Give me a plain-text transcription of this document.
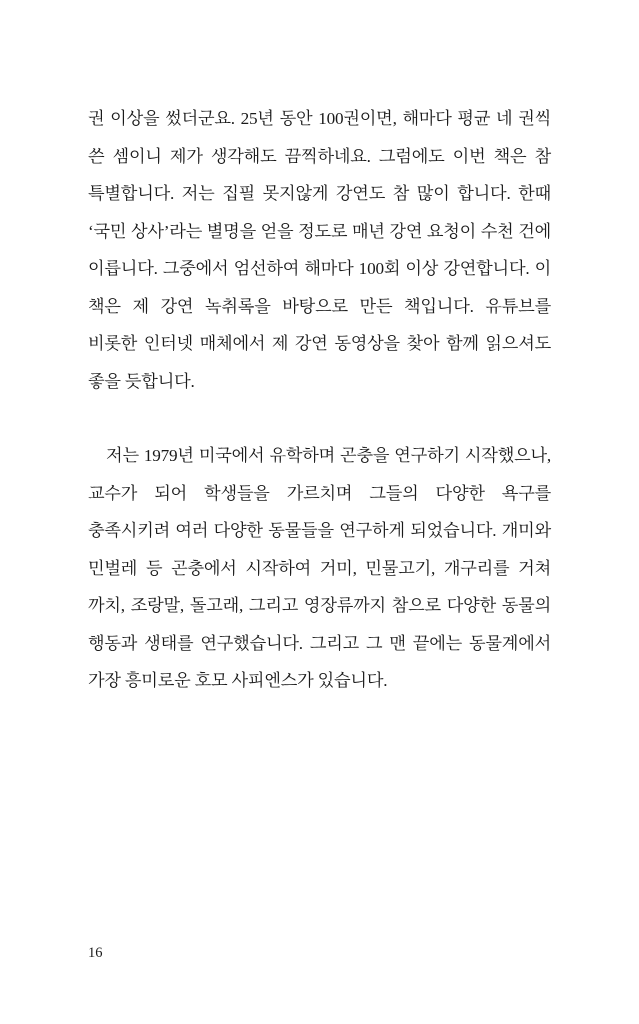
권 이상을 썼더군요. 25년 동안 100권이면, 해마다 평균 네 권씩 쓴 셈이니 제가 생각해도 끔찍하네요. 그럼에도 이번 책은 참 특별합니다. 저는 집필 못지않게 강연도 참 많이 합니다. 한때 ‘국민 상사’라는 별명을 얻을 정도로 매년 강연 요청이 수천 건에 이릅니다. 그중에서 엄선하여 해마다 100회 이상 강연합니다. 이 책은 제 강연 녹취록을 바탕으로 만든 책입니다. 유튜브를 비롯한 인터넷 매체에서 제 강연 동영상을 찾아 함께 읽으셔도 좋을 듯합니다.

저는 1979년 미국에서 유학하며 곤충을 연구하기 시작했으나, 교수가 되어 학생들을 가르치며 그들의 다양한 욕구를 충족시키려 여러 다양한 동물들을 연구하게 되었습니다. 개미와 민벌레 등 곤충에서 시작하여 거미, 민물고기, 개구리를 거쳐 까치, 조랑말, 돌고래, 그리고 영장류까지 참으로 다양한 동물의 행동과 생태를 연구했습니다. 그리고 그 맨 끝에는 동물계에서 가장 흥미로운 호모 사피엔스가 있습니다.

16
